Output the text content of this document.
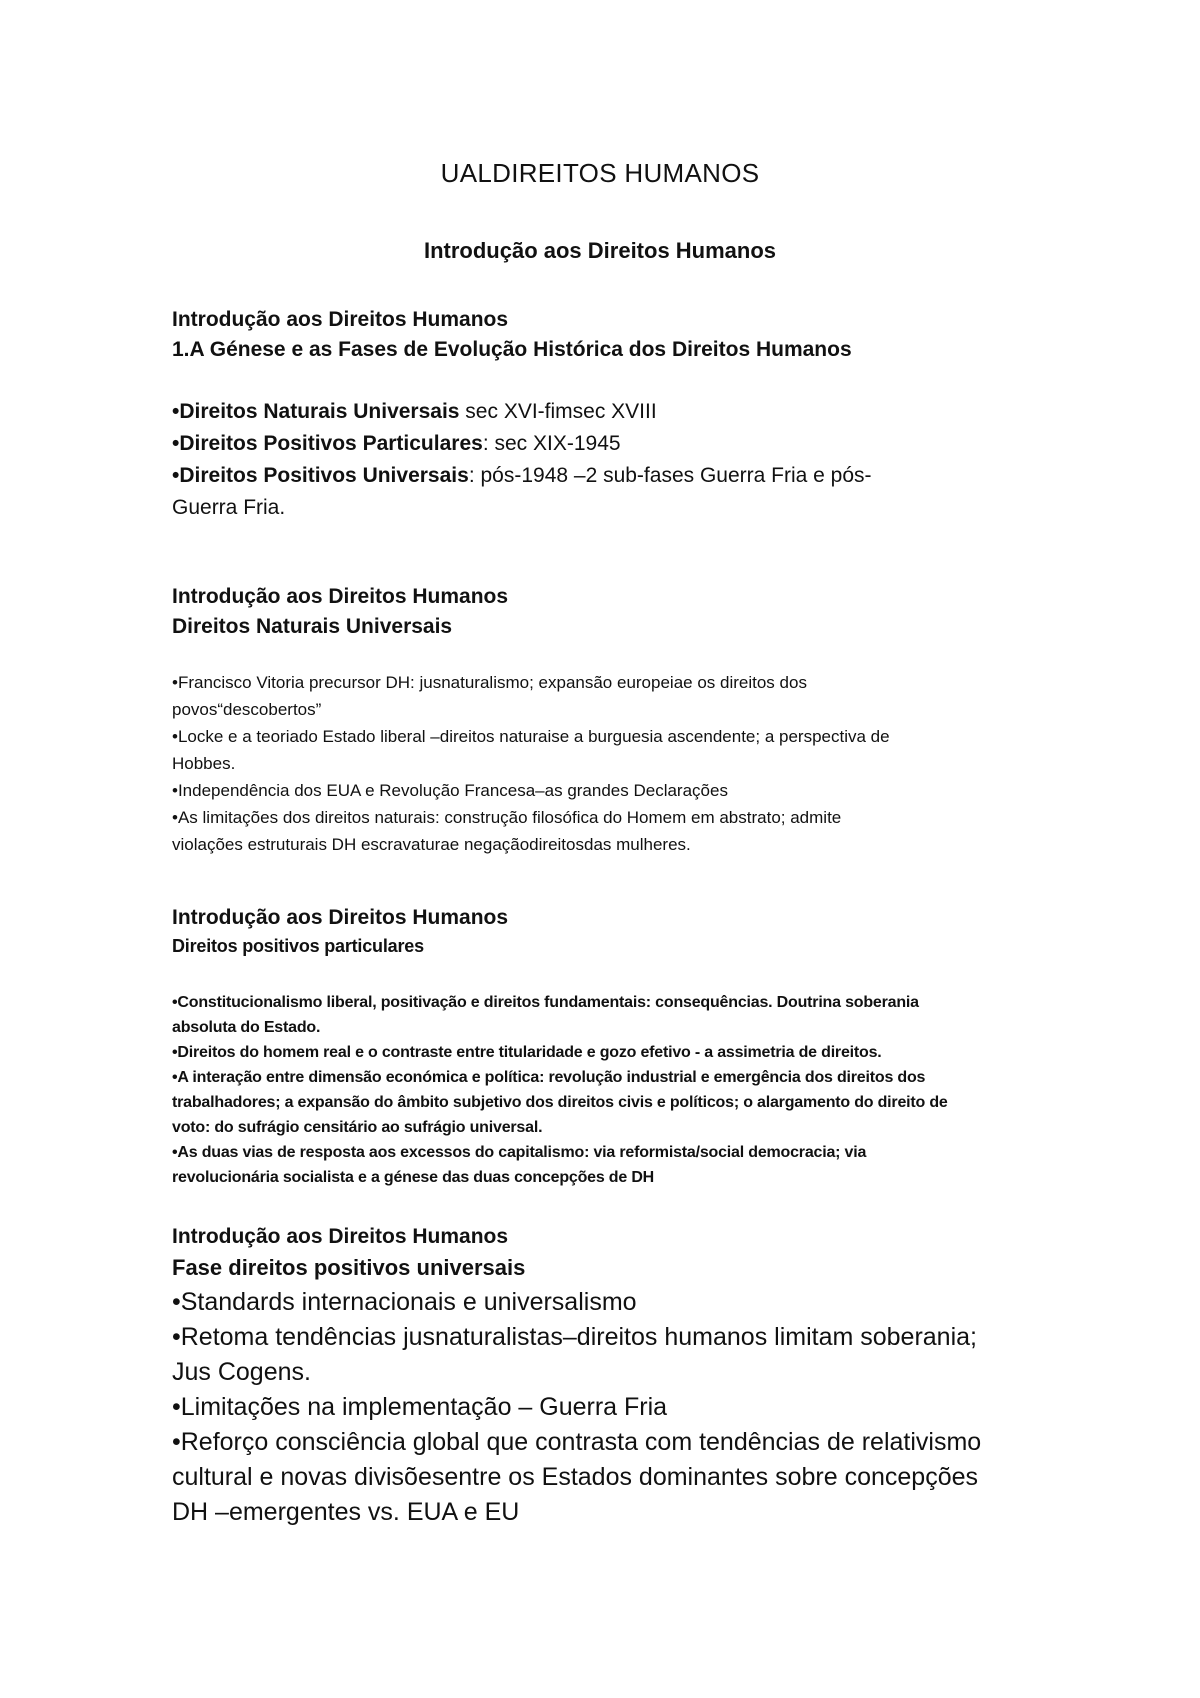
UALDIREITOS HUMANOS
Introdução aos Direitos Humanos
Introdução aos Direitos Humanos
1.A Génese e as Fases de Evolução Histórica dos Direitos Humanos
•Direitos Naturais Universais sec XVI-fimsec XVIII
•Direitos Positivos Particulares: sec XIX-1945
•Direitos Positivos Universais: pós-1948 –2 sub-fases Guerra Fria e pós-
Guerra Fria.
Introdução aos Direitos Humanos
Direitos Naturais Universais
•Francisco Vitoria precursor DH: jusnaturalismo; expansão europeiae os direitos dos
povos“descobertos”
•Locke e a teoriado Estado liberal –direitos naturaise a burguesia ascendente; a perspectiva de
Hobbes.
•Independência dos EUA e Revolução Francesa–as grandes Declarações
•As limitações dos direitos naturais: construção filosófica do Homem em abstrato; admite
violações estruturais DH escravaturae negaçãodireitosdas mulheres.
Introdução aos Direitos Humanos
Direitos positivos particulares
•Constitucionalismo liberal, positivação e direitos fundamentais: consequências. Doutrina soberania
absoluta do Estado.
•Direitos do homem real e o contraste entre titularidade e gozo efetivo - a assimetria de direitos.
•A interação entre dimensão económica e política: revolução industrial e emergência dos direitos dos
trabalhadores; a expansão do âmbito subjetivo dos direitos civis e políticos; o alargamento do direito de
voto: do sufrágio censitário ao sufrágio universal.
•As duas vias de resposta aos excessos do capitalismo: via reformista/social democracia; via
revolucionária socialista e a génese das duas concepções de DH
Introdução aos Direitos Humanos
Fase direitos positivos universais
•Standards internacionais e universalismo
•Retoma tendências jusnaturalistas–direitos humanos limitam soberania;
Jus Cogens.
•Limitações na implementação – Guerra Fria
•Reforço consciência global que contrasta com tendências de relativismo
cultural e novas divisõesentre os Estados dominantes sobre concepções
DH –emergentes vs. EUA e EU
